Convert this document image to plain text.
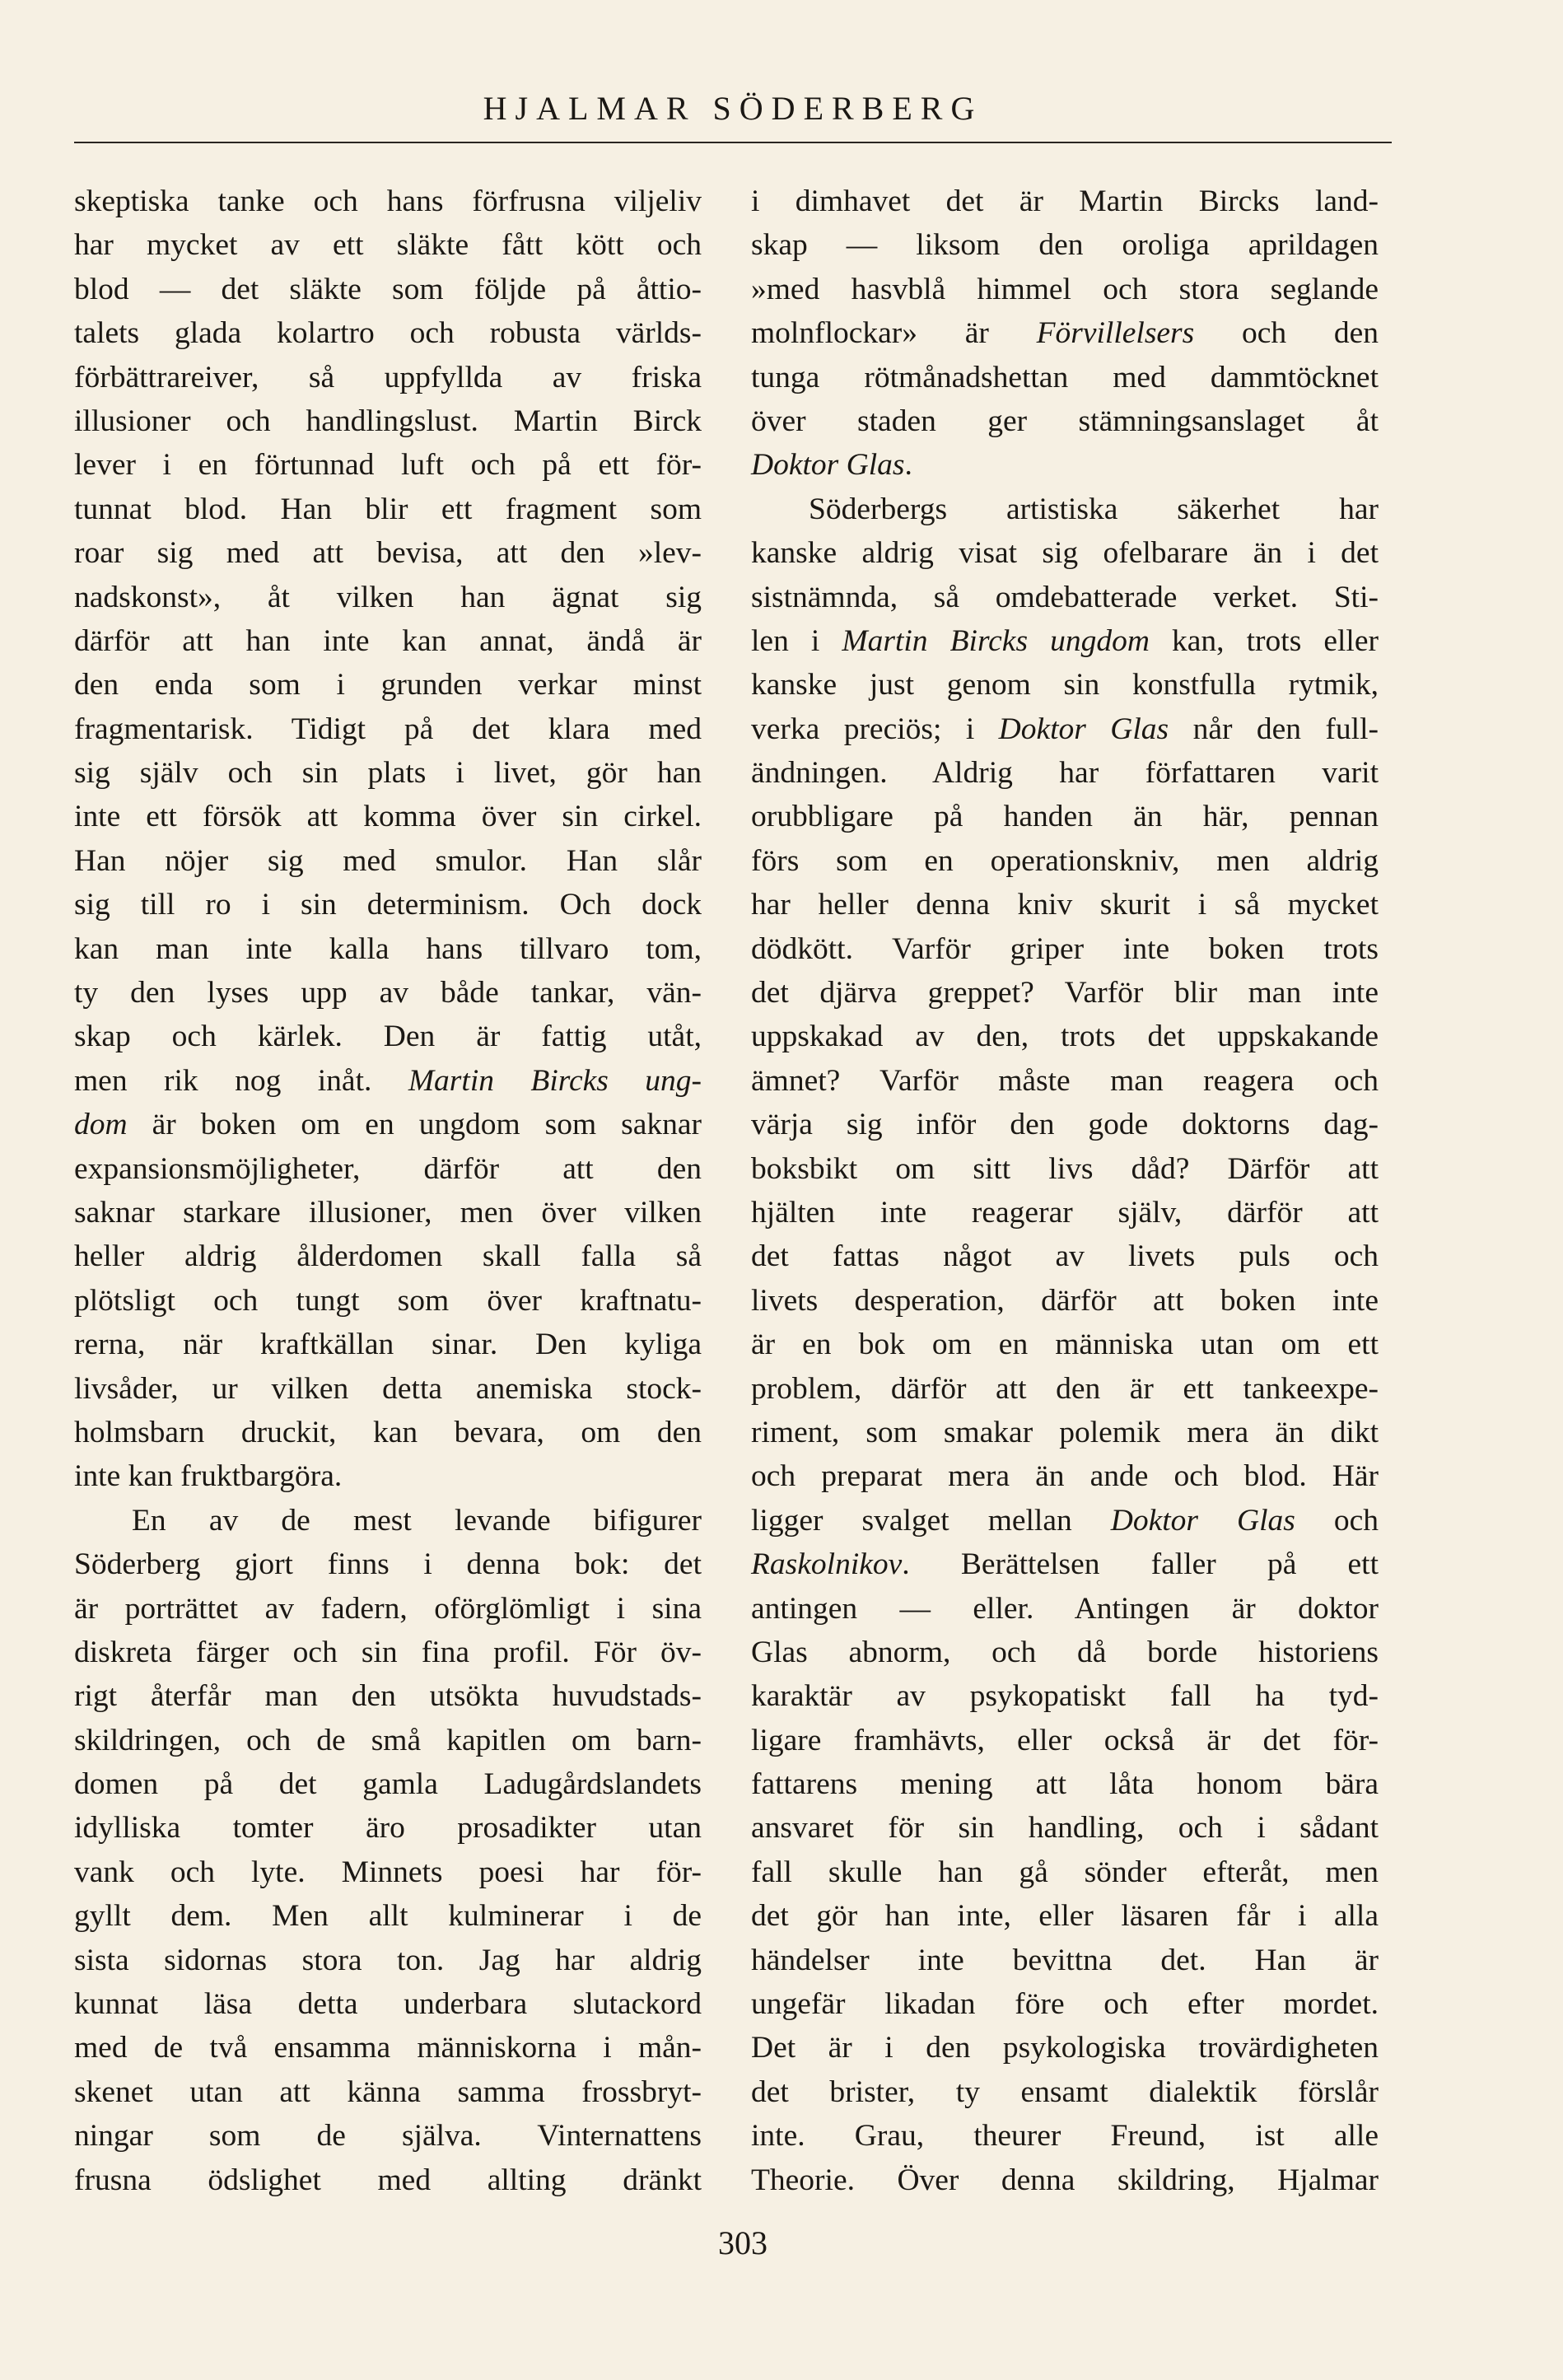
HJALMAR SÖDERBERG
skeptiska tanke och hans förfrusna viljeliv
har mycket av ett släkte fått kött och
blod — det släkte som följde på åttio-
talets glada kolartro och robusta världs-
förbättrareiver, så uppfyllda av friska
illusioner och handlingslust. Martin Birck
lever i en förtunnad luft och på ett för-
tunnat blod. Han blir ett fragment som
roar sig med att bevisa, att den »lev-
nadskonst», åt vilken han ägnat sig
därför att han inte kan annat, ändå är
den enda som i grunden verkar minst
fragmentarisk. Tidigt på det klara med
sig själv och sin plats i livet, gör han
inte ett försök att komma över sin cirkel.
Han nöjer sig med smulor. Han slår
sig till ro i sin determinism. Och dock
kan man inte kalla hans tillvaro tom,
ty den lyses upp av både tankar, vän-
skap och kärlek. Den är fattig utåt,
men rik nog inåt. Martin Bircks ung-
dom är boken om en ungdom som saknar
expansionsmöjligheter, därför att den
saknar starkare illusioner, men över vilken
heller aldrig ålderdomen skall falla så
plötsligt och tungt som över kraftnatu-
rerna, när kraftkällan sinar. Den kyliga
livsåder, ur vilken detta anemiska stock-
holmsbarn druckit, kan bevara, om den
inte kan fruktbargöra.
En av de mest levande bifigurer
Söderberg gjort finns i denna bok: det
är porträttet av fadern, oförglömligt i sina
diskreta färger och sin fina profil. För öv-
rigt återfår man den utsökta huvudstads-
skildringen, och de små kapitlen om barn-
domen på det gamla Ladugårdslandets
idylliska tomter äro prosadikter utan
vank och lyte. Minnets poesi har för-
gyllt dem. Men allt kulminerar i de
sista sidornas stora ton. Jag har aldrig
kunnat läsa detta underbara slutackord
med de två ensamma människorna i mån-
skenet utan att känna samma frossbryt-
ningar som de själva. Vinternattens
frusna ödslighet med allting dränkt
i dimhavet det är Martin Bircks land-
skap — liksom den oroliga aprildagen
»med hasvblå himmel och stora seglande
molnflockar» är Förvillelsers och den
tunga rötmånadshettan med dammtöcknet
över staden ger stämningsanslaget åt
Doktor Glas.
Söderbergs artistiska säkerhet har
kanske aldrig visat sig ofelbarare än i det
sistnämnda, så omdebatterade verket. Sti-
len i Martin Bircks ungdom kan, trots eller
kanske just genom sin konstfulla rytmik,
verka preciös; i Doktor Glas når den full-
ändningen. Aldrig har författaren varit
orubbligare på handen än här, pennan
förs som en operationskniv, men aldrig
har heller denna kniv skurit i så mycket
dödkött. Varför griper inte boken trots
det djärva greppet? Varför blir man inte
uppskakad av den, trots det uppskakande
ämnet? Varför måste man reagera och
värja sig inför den gode doktorns dag-
boksbikt om sitt livs dåd? Därför att
hjälten inte reagerar själv, därför att
det fattas något av livets puls och
livets desperation, därför att boken inte
är en bok om en människa utan om ett
problem, därför att den är ett tankeexpe-
riment, som smakar polemik mera än dikt
och preparat mera än ande och blod. Här
ligger svalget mellan Doktor Glas och
Raskolnikov. Berättelsen faller på ett
antingen — eller. Antingen är doktor
Glas abnorm, och då borde historiens
karaktär av psykopatiskt fall ha tyd-
ligare framhävts, eller också är det för-
fattarens mening att låta honom bära
ansvaret för sin handling, och i sådant
fall skulle han gå sönder efteråt, men
det gör han inte, eller läsaren får i alla
händelser inte bevittna det. Han är
ungefär likadan före och efter mordet.
Det är i den psykologiska trovärdigheten
det brister, ty ensamt dialektik förslår
inte. Grau, theurer Freund, ist alle
Theorie. Över denna skildring, Hjalmar
303
